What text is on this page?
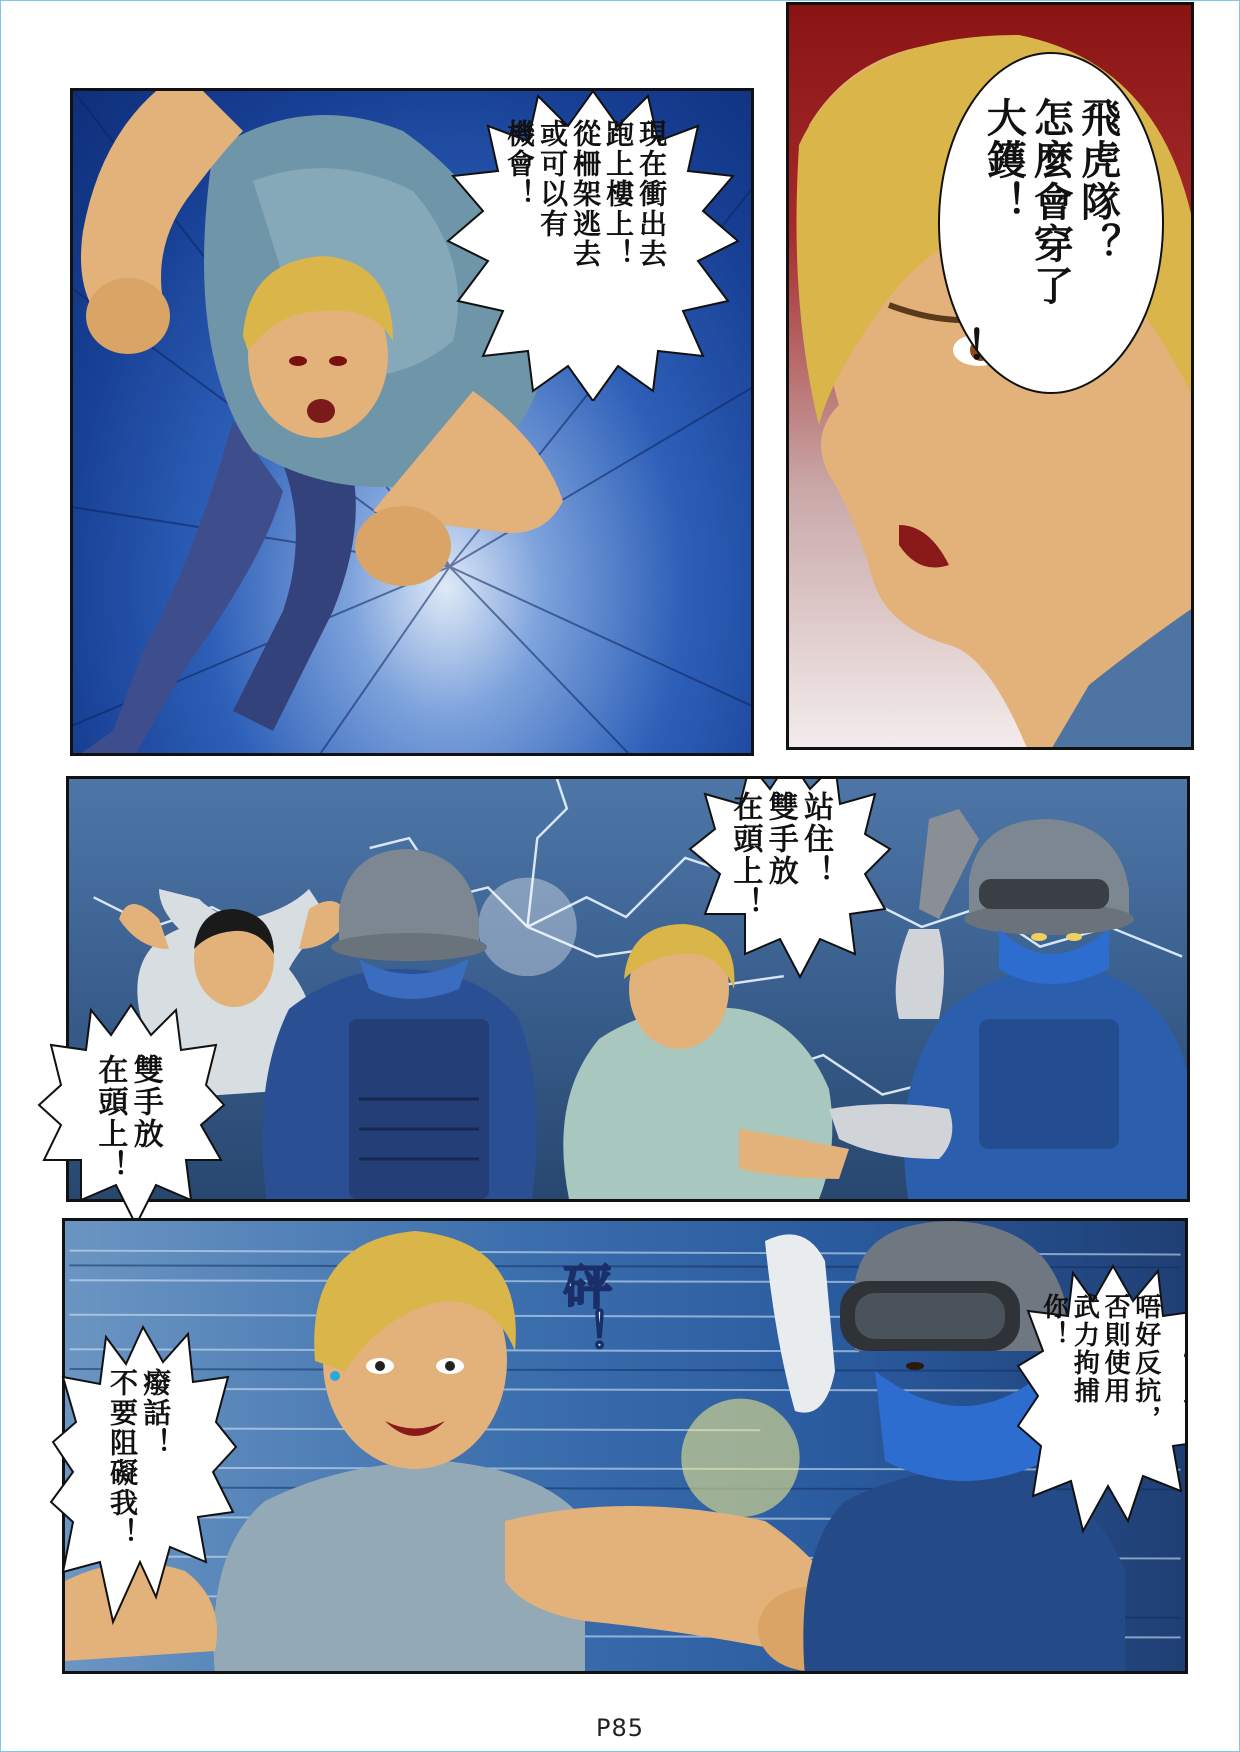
現在衝出去
跑上樓上！
從柵架逃去
或可以有
機會！	飛虎隊？
怎麼會穿了
大鑊！
！
站住！
雙手放
在頭上！
雙手放
在頭上！
砰！	唔好反抗，
否則使用
武力拘捕
你！
癈話！
不要阻礙我！
P85
